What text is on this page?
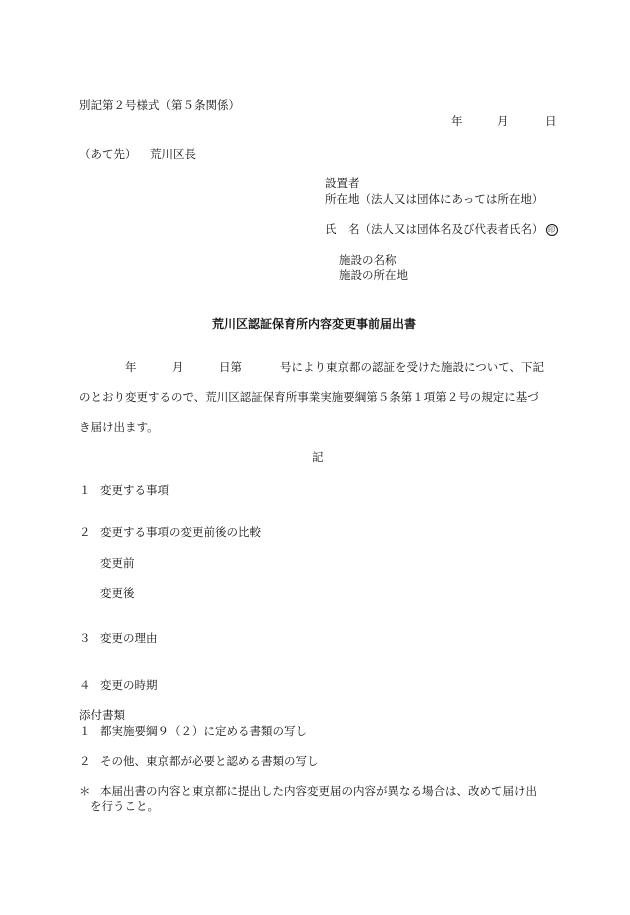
別記第２号様式（第５条関係）
年	月	日
（あて先） 荒川区長
設置者
所在地（法人又は団体にあっては所在地）
氏　名（法人又は団体名及び代表者氏名） 印
施設の名称
施設の所在地
荒川区認証保育所内容変更事前届出書
年	月	日第	号により東京都の認証を受けた施設について、下記
のとおり変更するので、荒川区認証保育所事業実施要綱第５条第１項第２号の規定に基づ
き届け出ます。
記
１ 変更する事項
２ 変更する事項の変更前後の比較
変更前
変更後
３ 変更の理由
４ 変更の時期
添付書類
１ 都実施要綱９（２）に定める書類の写し
２ その他、東京都が必要と認める書類の写し
＊ 本届出書の内容と東京都に提出した内容変更届の内容が異なる場合は、改めて届け出
を行うこと。
